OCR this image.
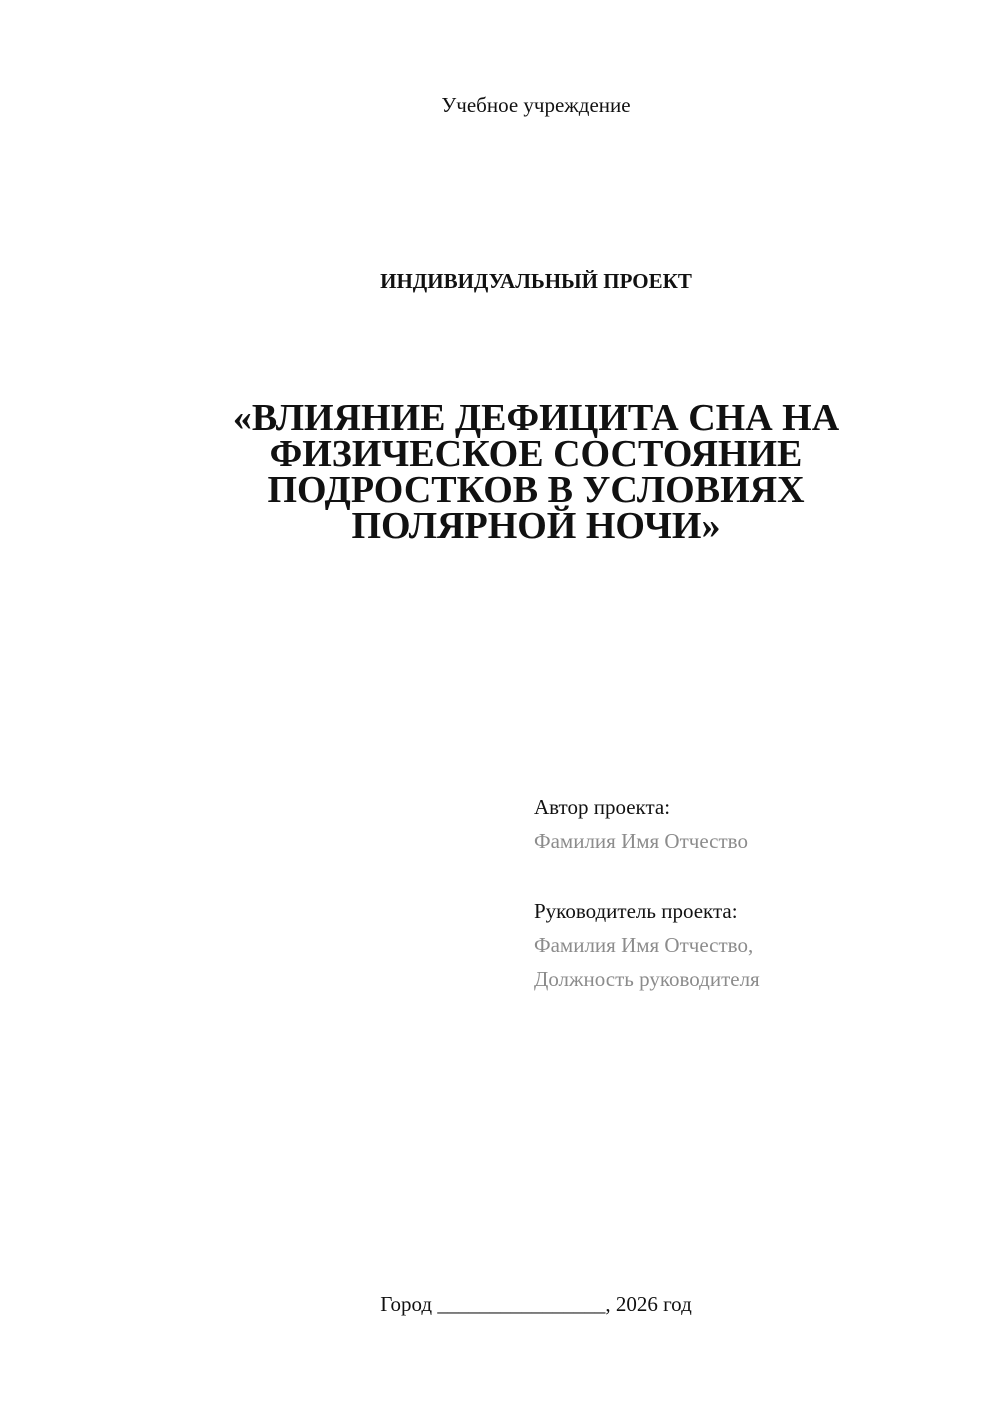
Учебное учреждение
ИНДИВИДУАЛЬНЫЙ ПРОЕКТ
«ВЛИЯНИЕ ДЕФИЦИТА СНА НА
ФИЗИЧЕСКОЕ СОСТОЯНИЕ
ПОДРОСТКОВ В УСЛОВИЯХ
ПОЛЯРНОЙ НОЧИ»
Автор проекта:
Фамилия Имя Отчество
Руководитель проекта:
Фамилия Имя Отчество,
Должность руководителя
Город ________________, 2026 год
